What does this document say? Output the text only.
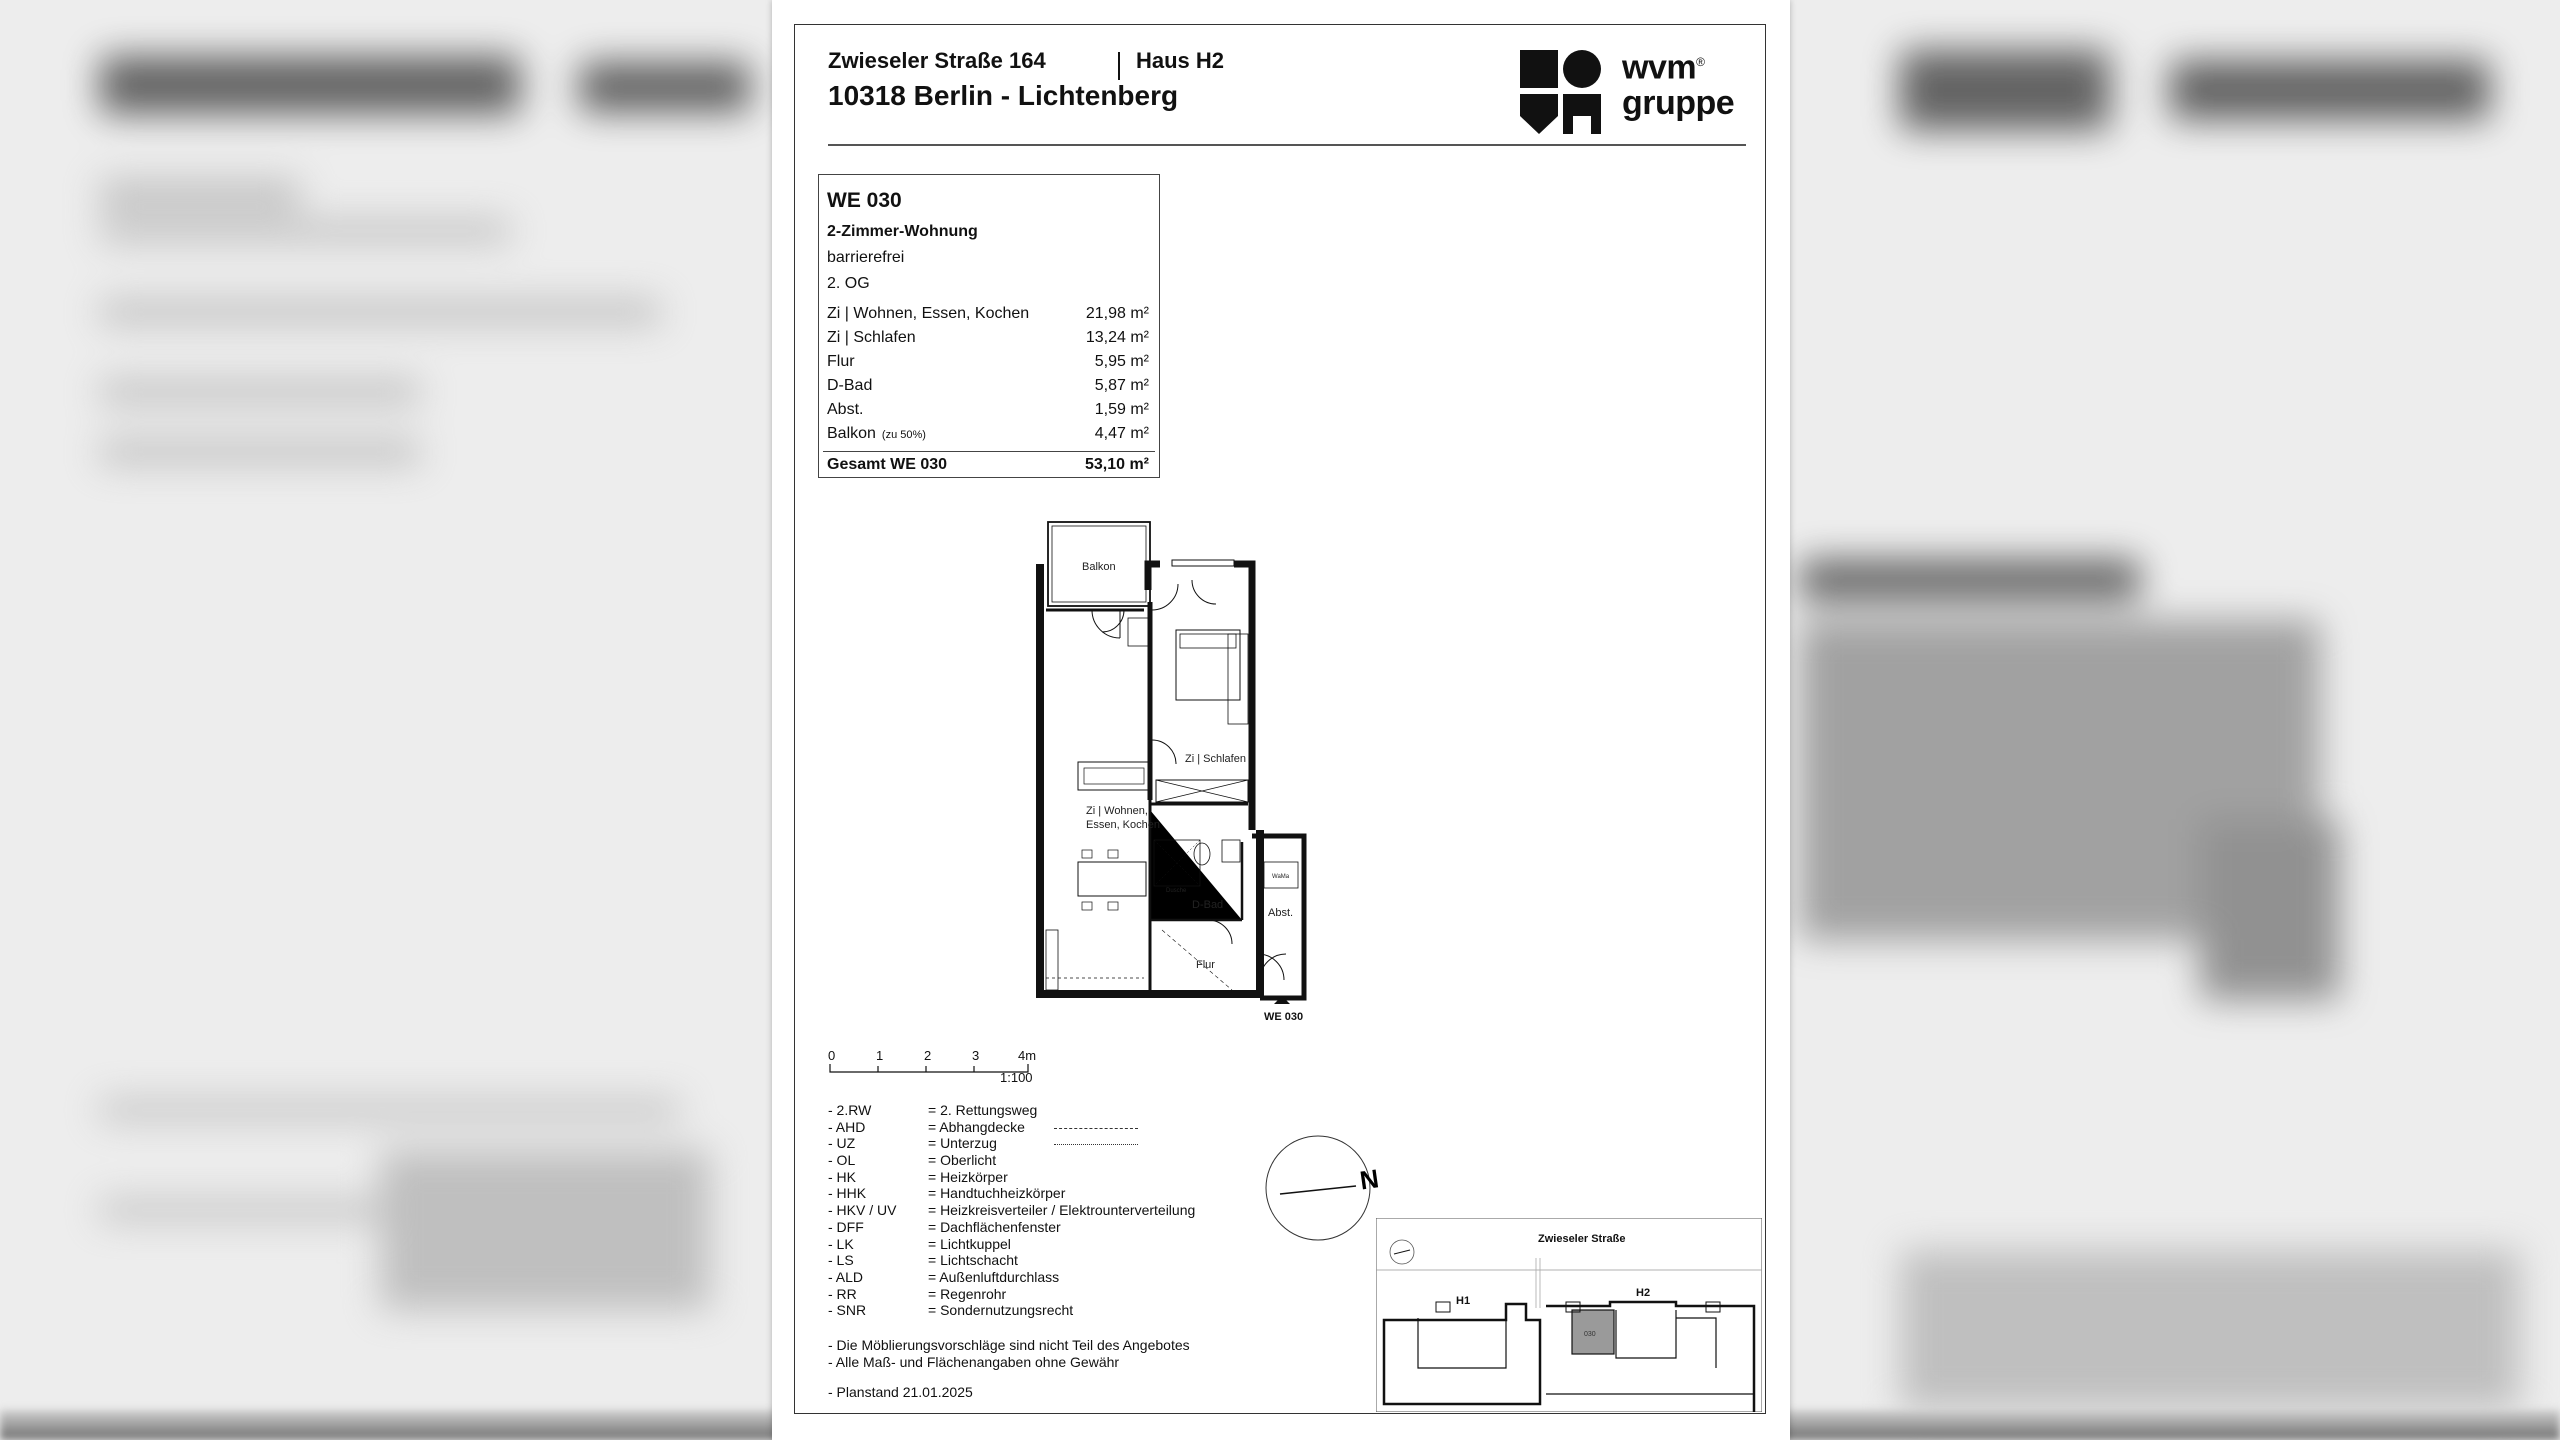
Zwieseler Straße 164	Haus H2
10318 Berlin - Lichtenberg
wvm®
gruppe
WE 030
2-Zimmer-Wohnung
barrierefrei
2. OG
Zi | Wohnen, Essen, Kochen	21,98 m²
Zi | Schlafen	13,24 m²
Flur	5,95 m²
D-Bad	5,87 m²
Abst.	1,59 m²
Balkon (zu 50%)	4,47 m²
Gesamt WE 030	53,10 m²
Balkon
Dusche
WaMa
Zi | Schlafen
Zi | Wohnen,
Essen, Kochen
D-Bad
Abst.
Flur
WE 030
0	1	2	3	4m
1:100
- 2.RW	= 2. Rettungsweg
- AHD	= Abhangdecke
- UZ	= Unterzug
- OL	= Oberlicht
- HK	= Heizkörper
- HHK	= Handtuchheizkörper
- HKV / UV = Heizkreisverteiler / Elektrounterverteilung
- DFF	= Dachflächenfenster
- LK	= Lichtkuppel
- LS	= Lichtschacht
- ALD	= Außenluftdurchlass
- RR	= Regenrohr
- SNR	= Sondernutzungsrecht
- Die Möblierungsvorschläge sind nicht Teil des Angebotes
- Alle Maß- und Flächenangaben ohne Gewähr
- Planstand 21.01.2025
N
Zwieseler Straße
H1
H2
030
